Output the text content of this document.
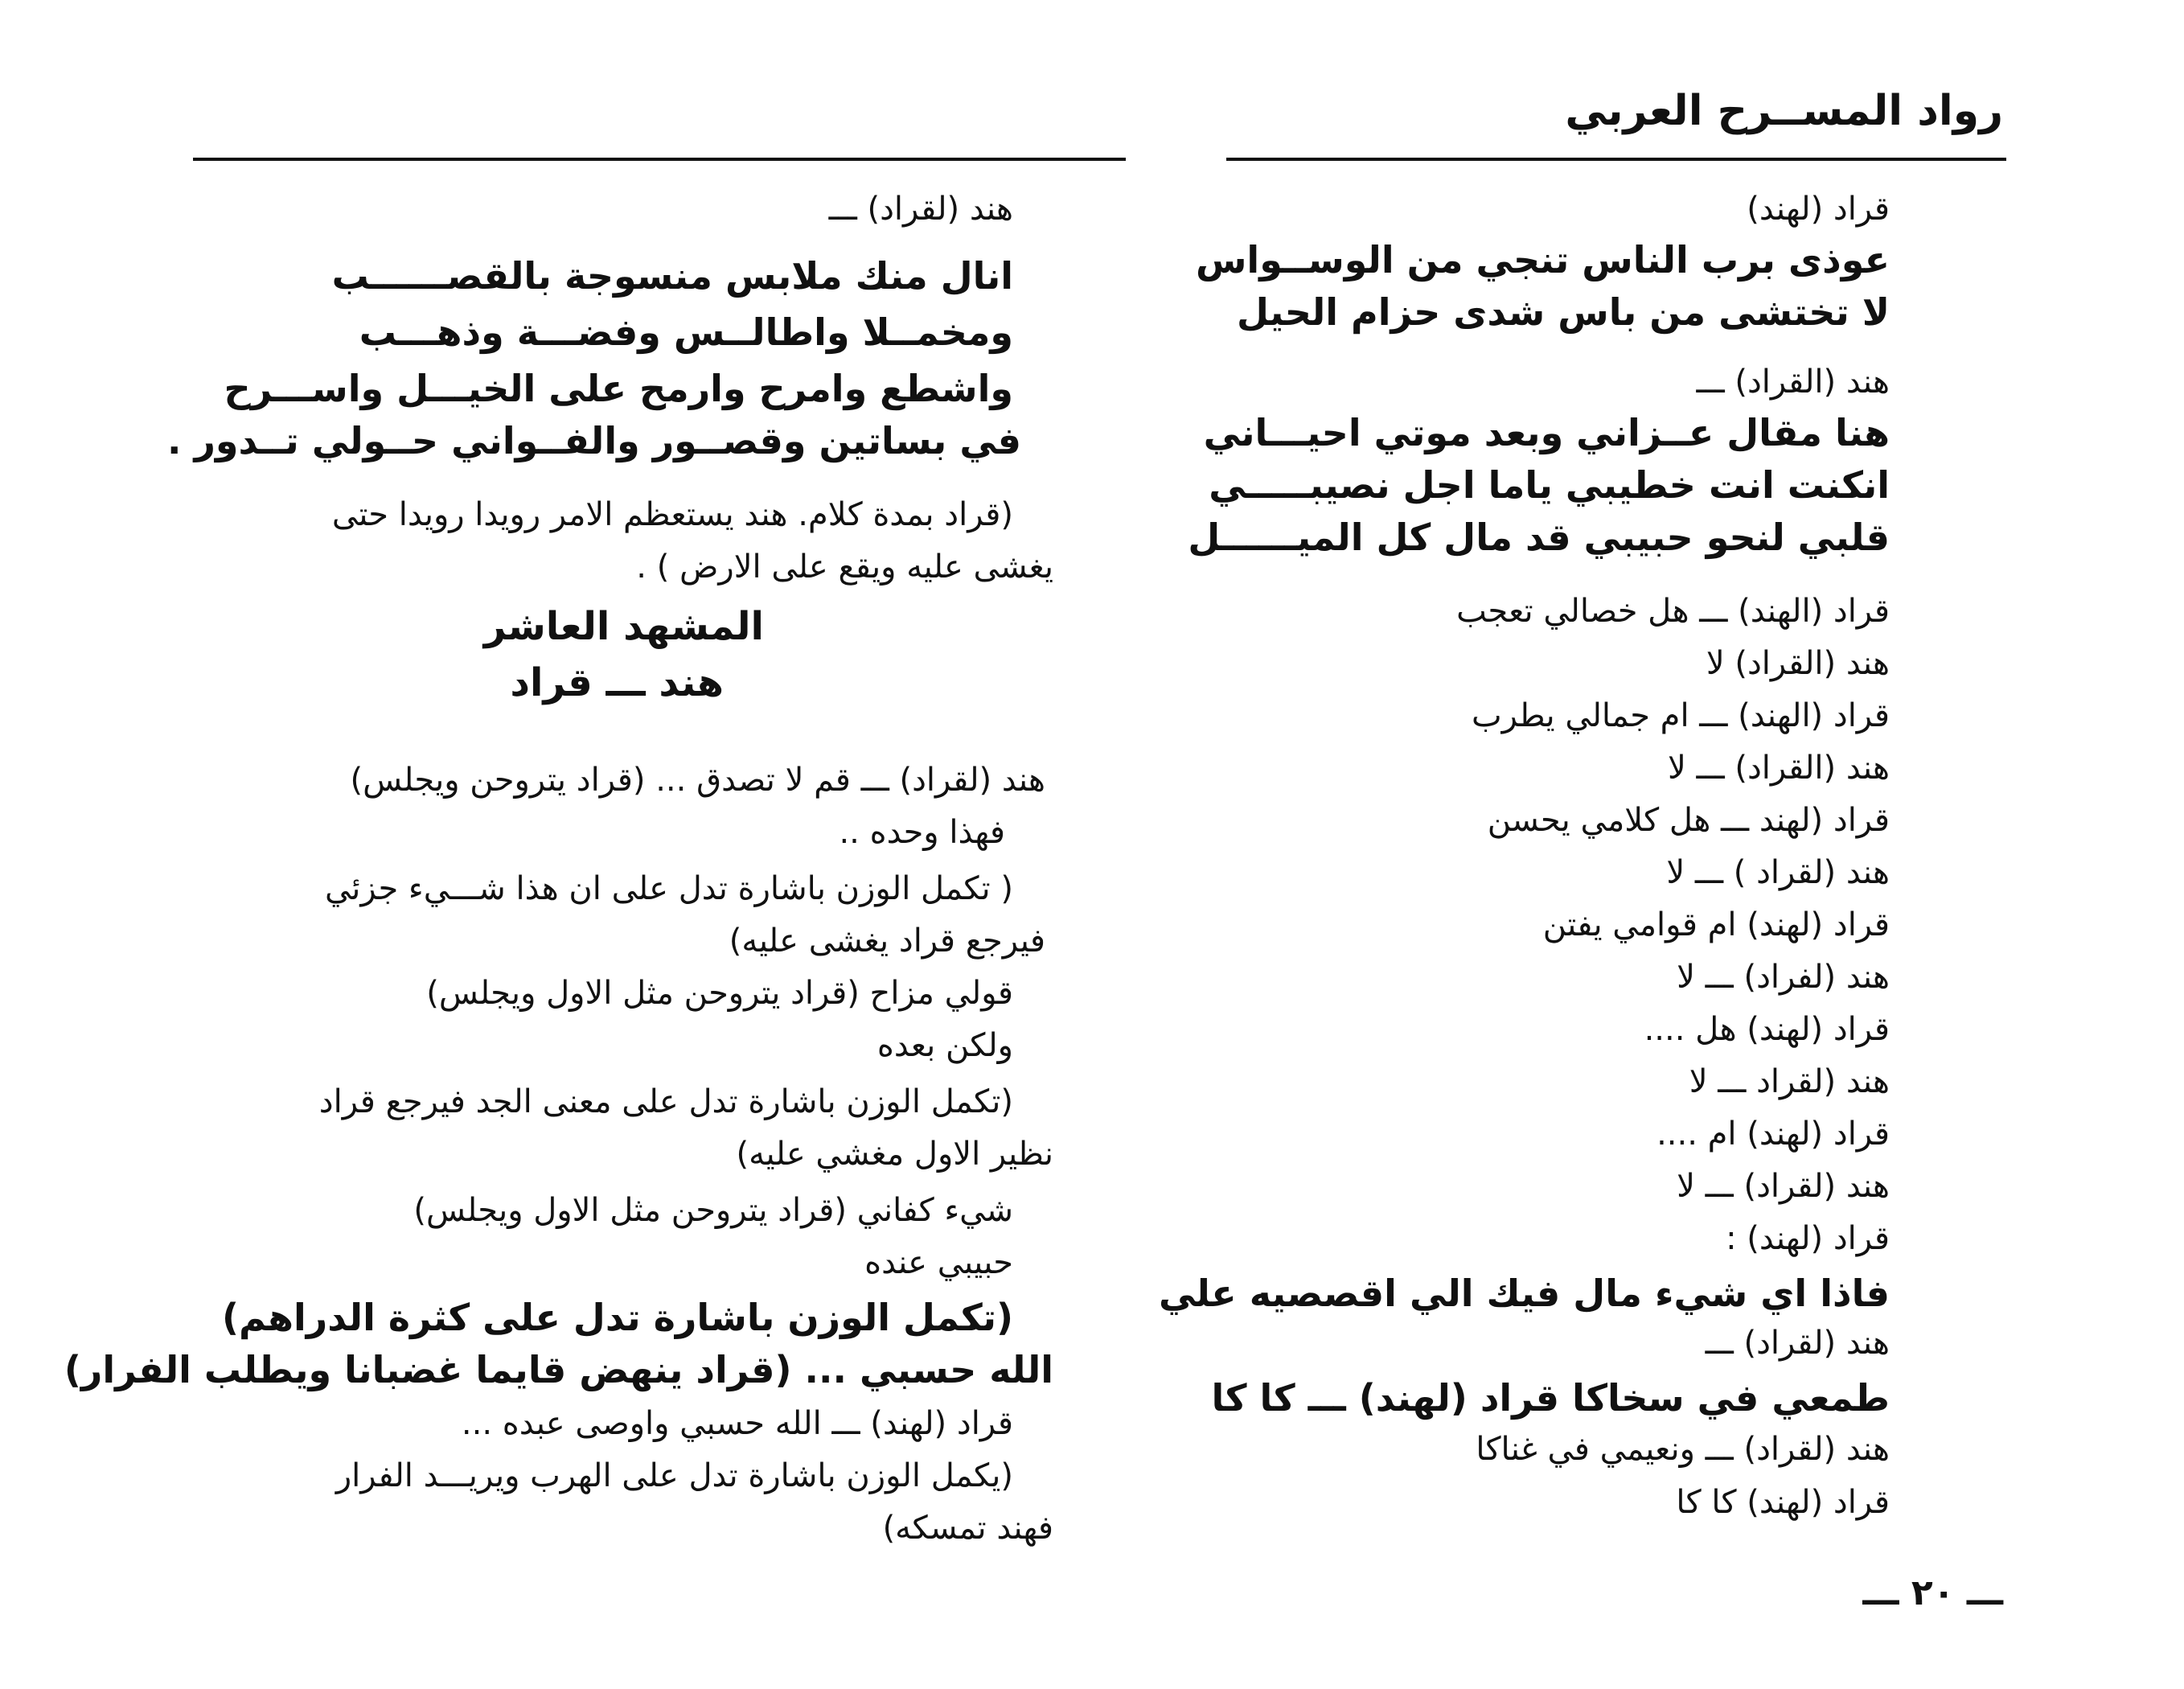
رواد المســرح العربي
قراد (لهند)
عوذى برب الناس تنجي من الوســواس
لا تختشى من باس شدى حزام الحيل
هند (القراد) ـــ
هنا مقال عــزاني وبعد موتي احيـــاني
انكنت انت خطيبي ياما اجل نصيبـــــي
قلبي لنحو حبيبي قد مال كل الميــــــل
قراد (الهند) ـــ هل خصالي تعجب
هند (القراد) لا
قراد (الهند) ـــ ام جمالي يطرب
هند (القراد) ـــ لا
قراد (لهند ـــ هل كلامي يحسن
هند (لقراد ) ـــ لا
قراد (لهند) ام قوامي يفتن
هند (لفراد) ـــ لا
قراد (لهند) هل ....
هند (لقراد ـــ لا
قراد (لهند) ام ....
هند (لقراد) ـــ لا
قراد (لهند) :
فاذا اي شيء مال فيك الي اقصصيه علي
هند (لقراد) ـــ
طمعي في سخاكا قراد (لهند) ـــ كا كا
هند (لقراد) ـــ ونعيمي في غناكا
قراد (لهند) كا كا
هند (لقراد) ـــ
انال منك ملابس منسوجة بالقصــــــب
ومخمــلا واطالــس وفضـــة وذهـــب
واشطع وامرح وارمح على الخيـــل واســـرح
في بساتين وقصــور والفــواني حــولي تــدور .
(قراد بمدة كلام. هند يستعظم الامر رويدا رويدا حتى
يغشى عليه ويقع على الارض ) .
المشهد العاشر
هند ـــ قراد
هند (لقراد) ـــ قم لا تصدق ... (قراد يتروحن ويجلس)
فهذا وحده ..
( تكمل الوزن باشارة تدل على ان هذا شـــيء جزئي
فيرجع قراد يغشى عليه)
قولي مزاح (قراد يتروحن مثل الاول ويجلس)
ولكن بعده
(تكمل الوزن باشارة تدل على معنى الجد فيرجع قراد
نظير الاول مغشي عليه)
شيء كفاني (قراد يتروحن مثل الاول ويجلس)
حبيبي عنده
(تكمل الوزن باشارة تدل على كثرة الدراهم)
الله حسبي ... (قراد ينهض قايما غضبانا ويطلب الفرار)
قراد (لهند) ـــ الله حسبي واوصى عبده ...
(يكمل الوزن باشارة تدل على الهرب ويريـــد الفرار
فهند تمسكه)
ـــ ٢٠ ـــ
